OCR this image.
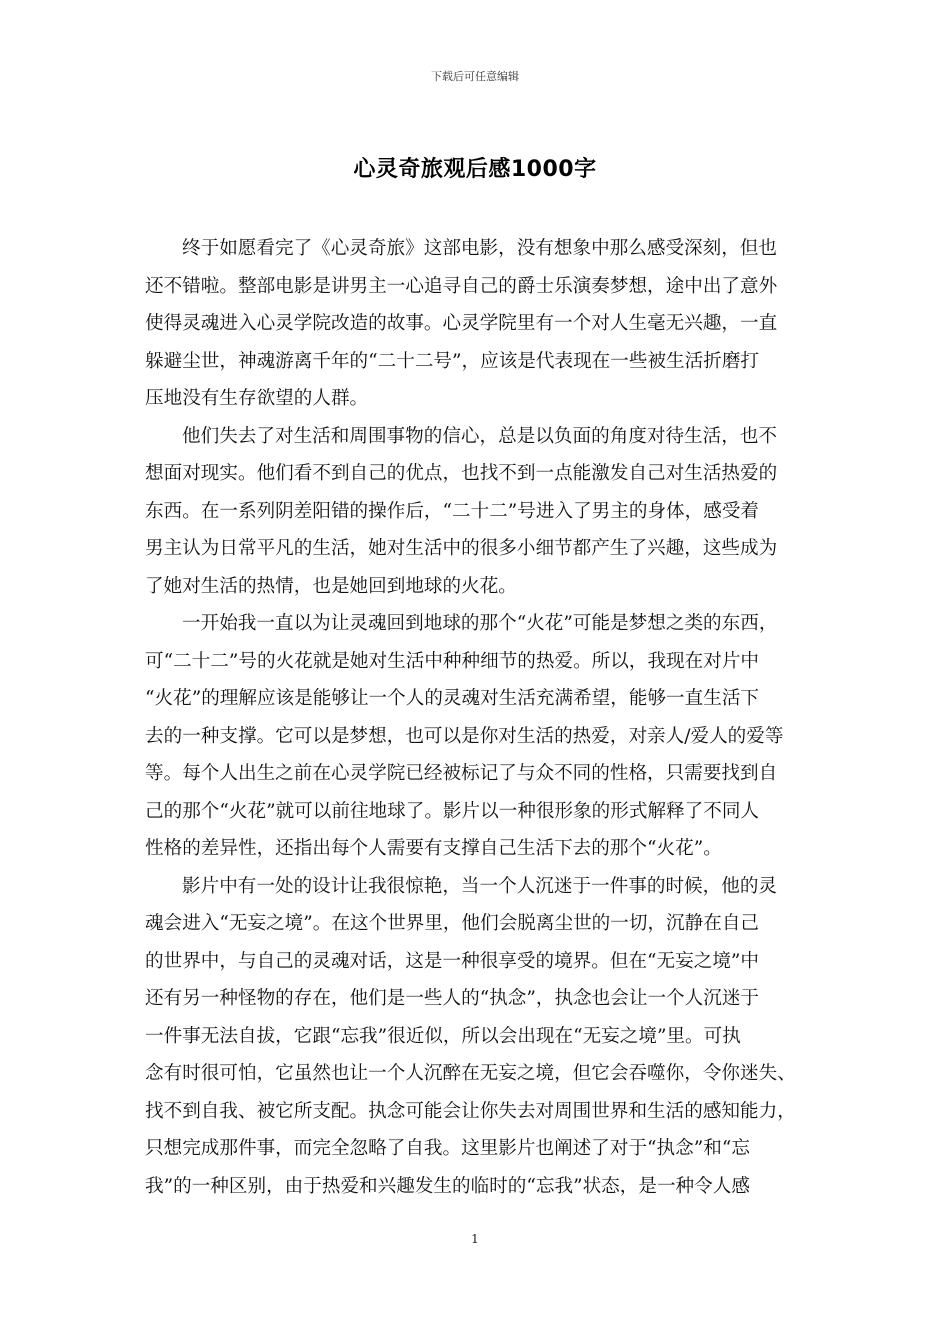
下载后可任意编辑
心灵奇旅观后感1000字
终于如愿看完了《心灵奇旅》这部电影，没有想象中那么感受深刻，但也
还不错啦。整部电影是讲男主一心追寻自己的爵士乐演奏梦想，途中出了意外
使得灵魂进入心灵学院改造的故事。心灵学院里有一个对人生毫无兴趣，一直
躲避尘世，神魂游离千年的“二十二号”，应该是代表现在一些被生活折磨打
压地没有生存欲望的人群。
他们失去了对生活和周围事物的信心，总是以负面的角度对待生活，也不
想面对现实。他们看不到自己的优点，也找不到一点能激发自己对生活热爱的
东西。在一系列阴差阳错的操作后，“二十二”号进入了男主的身体，感受着
男主认为日常平凡的生活，她对生活中的很多小细节都产生了兴趣，这些成为
了她对生活的热情，也是她回到地球的火花。
一开始我一直以为让灵魂回到地球的那个“火花”可能是梦想之类的东西，
可“二十二”号的火花就是她对生活中种种细节的热爱。所以，我现在对片中
“火花”的理解应该是能够让一个人的灵魂对生活充满希望，能够一直生活下
去的一种支撑。它可以是梦想，也可以是你对生活的热爱，对亲人/爱人的爱等
等。每个人出生之前在心灵学院已经被标记了与众不同的性格，只需要找到自
己的那个“火花”就可以前往地球了。影片以一种很形象的形式解释了不同人
性格的差异性，还指出每个人需要有支撑自己生活下去的那个“火花”。
影片中有一处的设计让我很惊艳，当一个人沉迷于一件事的时候，他的灵
魂会进入“无妄之境”。在这个世界里，他们会脱离尘世的一切，沉静在自己
的世界中，与自己的灵魂对话，这是一种很享受的境界。但在“无妄之境”中
还有另一种怪物的存在，他们是一些人的“执念”，执念也会让一个人沉迷于
一件事无法自拔，它跟“忘我”很近似，所以会出现在“无妄之境”里。可执
念有时很可怕，它虽然也让一个人沉醉在无妄之境，但它会吞噬你，令你迷失、
找不到自我、被它所支配。执念可能会让你失去对周围世界和生活的感知能力，
只想完成那件事，而完全忽略了自我。这里影片也阐述了对于“执念”和“忘
我”的一种区别，由于热爱和兴趣发生的临时的“忘我”状态，是一种令人感
1
